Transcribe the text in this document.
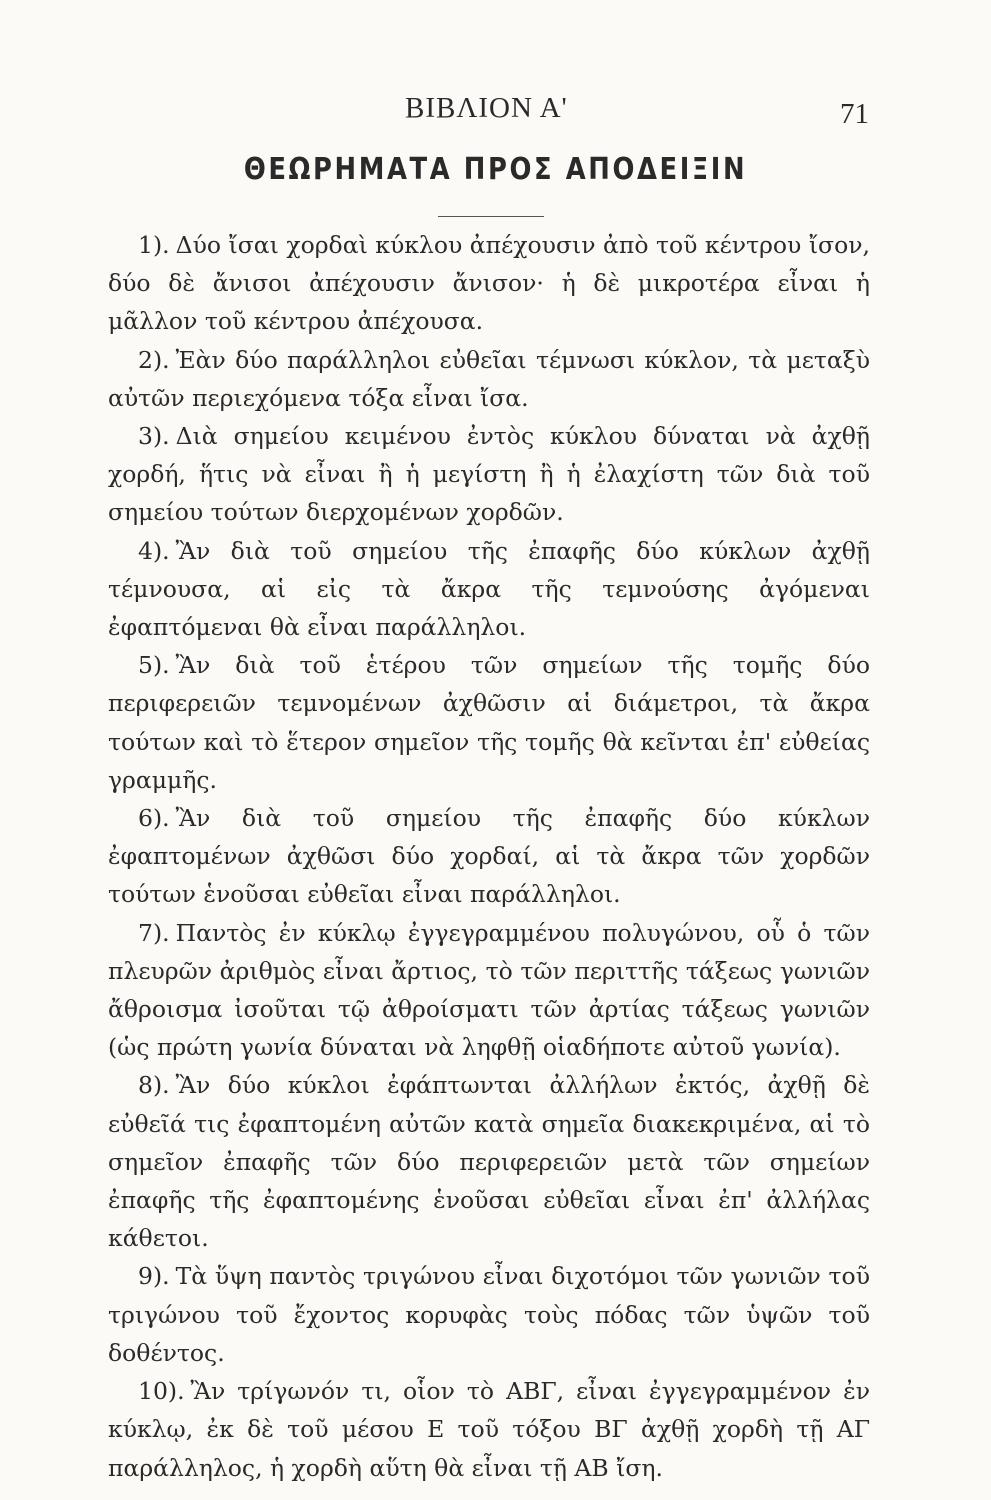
ΒΙΒΛΙΟΝ Α'	71
ΘΕΩΡΗΜΑΤΑ ΠΡΟΣ ΑΠΟΔΕΙΞΙΝ

1). Δύο ἴσαι χορδαὶ κύκλου ἀπέχουσιν ἀπὸ τοῦ κέντρου ἴσον, δύο δὲ ἄνισοι ἀπέχουσιν ἄνισον· ἡ δὲ μικροτέρα εἶναι ἡ μᾶλλον τοῦ κέντρου ἀπέχουσα.

2). Ἐὰν δύο παράλληλοι εὐθεῖαι τέμνωσι κύκλον, τὰ μεταξὺ αὐτῶν περιεχόμενα τόξα εἶναι ἴσα.

3). Διὰ σημείου κειμένου ἐντὸς κύκλου δύναται νὰ ἀχθῇ χορδή, ἥτις νὰ εἶναι ἢ ἡ μεγίστη ἢ ἡ ἐλαχίστη τῶν διὰ τοῦ σημείου τούτων διερχομένων χορδῶν.

4). Ἂν διὰ τοῦ σημείου τῆς ἐπαφῆς δύο κύκλων ἀχθῇ τέμνουσα, αἱ εἰς τὰ ἄκρα τῆς τεμνούσης ἀγόμεναι ἐφαπτόμεναι θὰ εἶναι παράλληλοι.

5). Ἂν διὰ τοῦ ἑτέρου τῶν σημείων τῆς τομῆς δύο περιφερειῶν τεμνομένων ἀχθῶσιν αἱ διάμετροι, τὰ ἄκρα τούτων καὶ τὸ ἕτερον σημεῖον τῆς τομῆς θὰ κεῖνται ἐπ' εὐθείας γραμμῆς.

6). Ἂν διὰ τοῦ σημείου τῆς ἐπαφῆς δύο κύκλων ἐφαπτομένων ἀχθῶσι δύο χορδαί, αἱ τὰ ἄκρα τῶν χορδῶν τούτων ἑνοῦσαι εὐθεῖαι εἶναι παράλληλοι.

7). Παντὸς ἐν κύκλῳ ἐγγεγραμμένου πολυγώνου, οὗ ὁ τῶν πλευρῶν ἀριθμὸς εἶναι ἄρτιος, τὸ τῶν περιττῆς τάξεως γωνιῶν ἄθροισμα ἰσοῦται τῷ ἀθροίσματι τῶν ἀρτίας τάξεως γωνιῶν (ὡς πρώτη γωνία δύναται νὰ ληφθῇ οἱαδήποτε αὐτοῦ γωνία).

8). Ἂν δύο κύκλοι ἐφάπτωνται ἀλλήλων ἐκτός, ἀχθῇ δὲ εὐθεῖά τις ἐφαπτομένη αὐτῶν κατὰ σημεῖα διακεκριμένα, αἱ τὸ σημεῖον ἐπαφῆς τῶν δύο περιφερειῶν μετὰ τῶν σημείων ἐπαφῆς τῆς ἐφαπτομένης ἑνοῦσαι εὐθεῖαι εἶναι ἐπ' ἀλλήλας κάθετοι.

9). Τὰ ὕψη παντὸς τριγώνου εἶναι διχοτόμοι τῶν γωνιῶν τοῦ τριγώνου τοῦ ἔχοντος κορυφὰς τοὺς πόδας τῶν ὑψῶν τοῦ δοθέντος.

10). Ἂν τρίγωνόν τι, οἷον τὸ ΑΒΓ, εἶναι ἐγγεγραμμένον ἐν κύκλῳ, ἐκ δὲ τοῦ μέσου Ε τοῦ τόξου ΒΓ ἀχθῇ χορδὴ τῇ ΑΓ παράλληλος, ἡ χορδὴ αὕτη θὰ εἶναι τῇ ΑΒ ἴση.
